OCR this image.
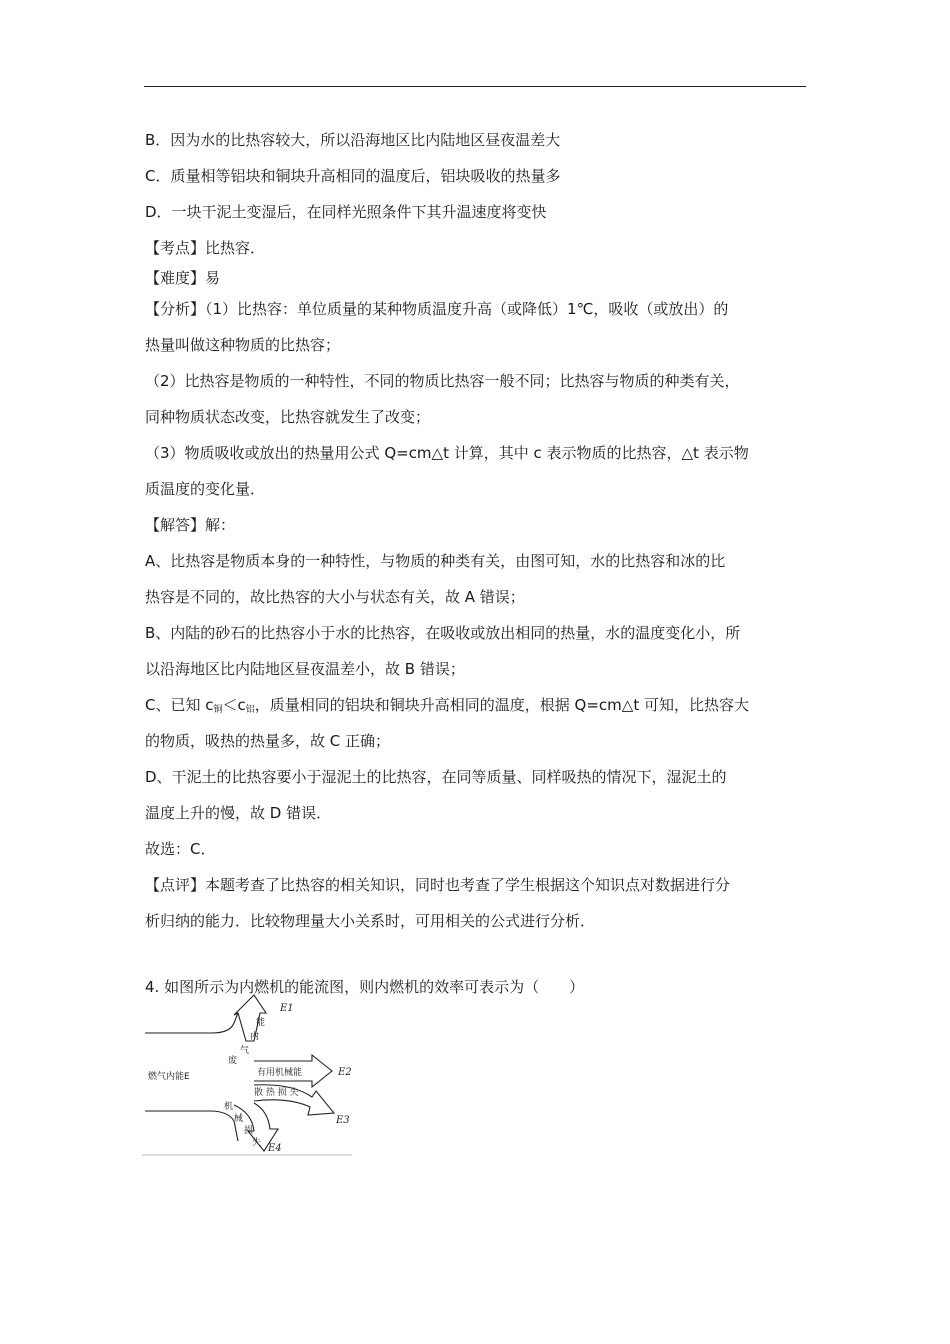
B．因为水的比热容较大，所以沿海地区比内陆地区昼夜温差大
C．质量相等铝块和铜块升高相同的温度后，铝块吸收的热量多
D．一块干泥土变湿后，在同样光照条件下其升温速度将变快
【考点】比热容．
【难度】易
【分析】（1）比热容：单位质量的某种物质温度升高（或降低）1℃，吸收（或放出）的
热量叫做这种物质的比热容；
（2）比热容是物质的一种特性，不同的物质比热容一般不同；比热容与物质的种类有关，
同种物质状态改变，比热容就发生了改变；
（3）物质吸收或放出的热量用公式 Q=cm△t 计算，其中 c 表示物质的比热容，△t 表示物
质温度的变化量．
【解答】解：
A、比热容是物质本身的一种特性，与物质的种类有关，由图可知，水的比热容和冰的比
热容是不同的，故比热容的大小与状态有关，故 A 错误；
B、内陆的砂石的比热容小于水的比热容，在吸收或放出相同的热量，水的温度变化小，所
以沿海地区比内陆地区昼夜温差小，故 B 错误；
C、已知 $c_铜<c_铝$，质量相同的铝块和铜块升高相同的温度，根据 Q=cm△t 可知，比热容大
的物质，吸热的热量多，故 C 正确；
D、干泥土的比热容要小于湿泥土的比热容，在同等质量、同样吸热的情况下，湿泥土的
温度上升的慢，故 D 错误．
故选：C．
【点评】本题考查了比热容的相关知识，同时也考查了学生根据这个知识点对数据进行分
析归纳的能力．比较物理量大小关系时，可用相关的公式进行分析．
4. 如图所示为内燃机的能流图，则内燃机的效率可表示为（　　）
燃气内能E
能
内
气
废
有用机械能
散 热 损 失
机
械
损
失
E1
E2
E3
E4
